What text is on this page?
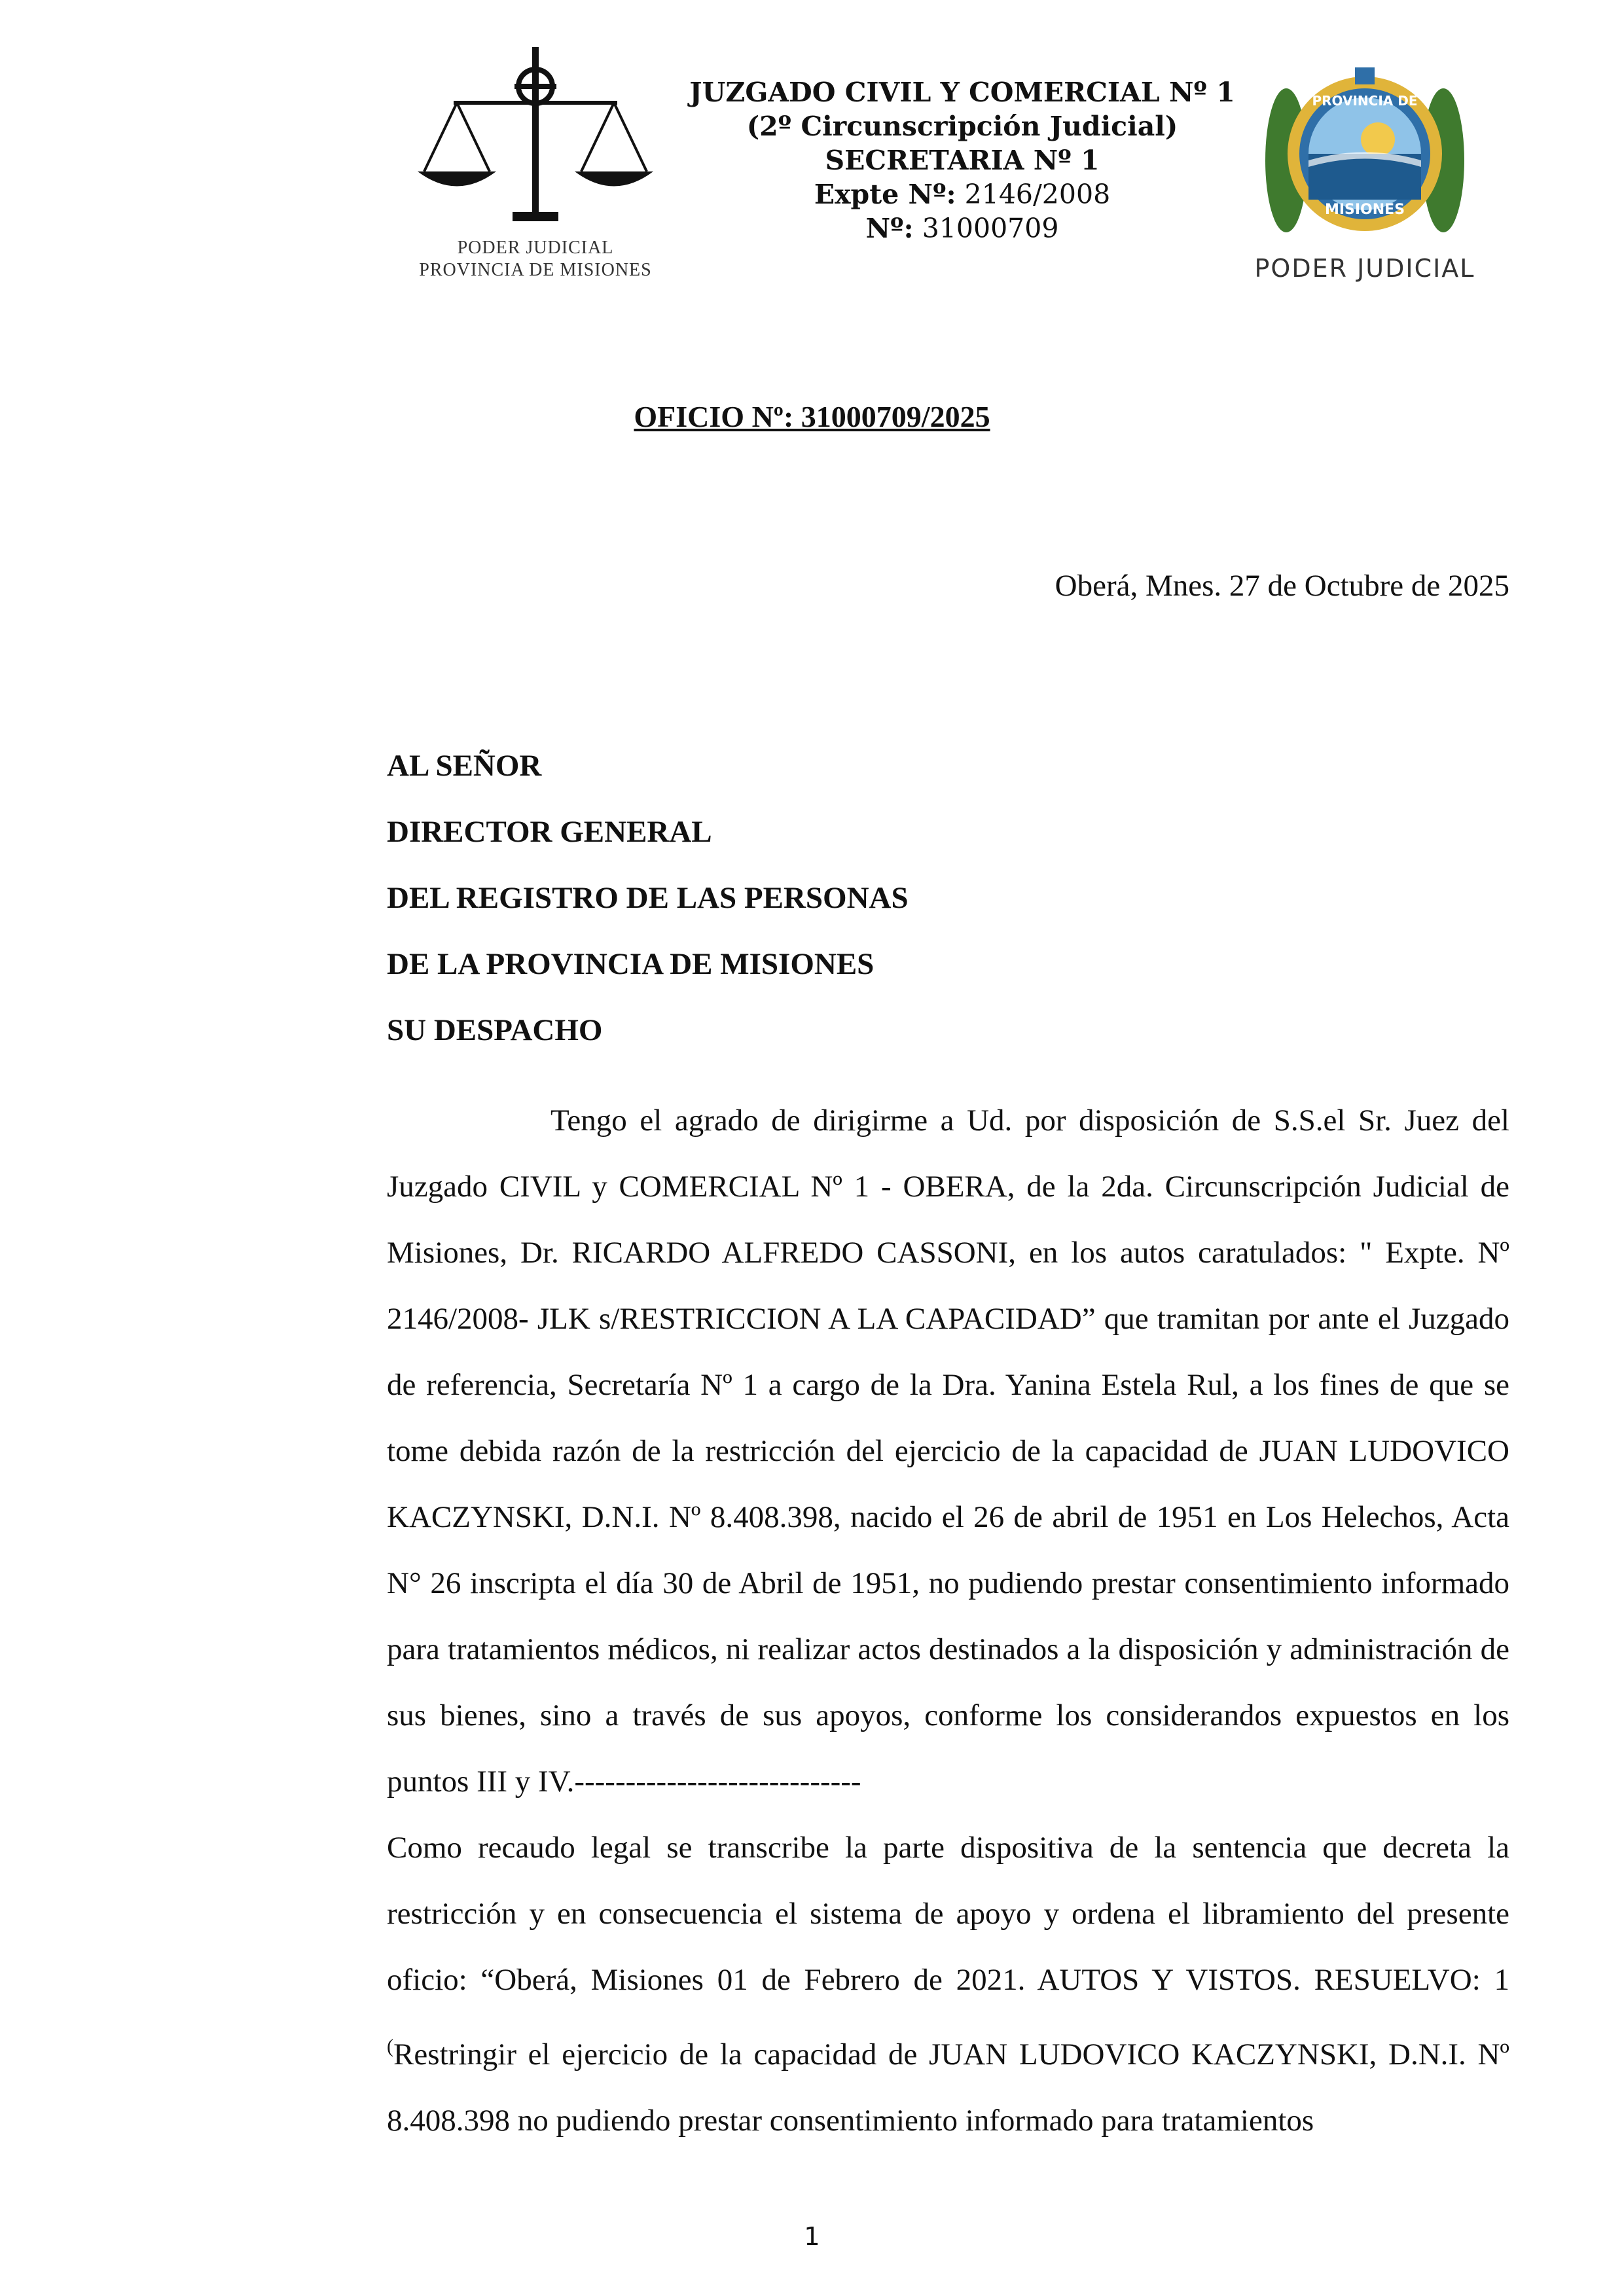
PODER JUDICIAL
PROVINCIA DE MISIONES
JUZGADO CIVIL Y COMERCIAL Nº 1
(2º Circunscripción Judicial)
SECRETARIA Nº 1
Expte Nº: 2146/2008
Nº: 31000709
PROVINCIA DE
MISIONES
PODER JUDICIAL
OFICIO Nº: 31000709/2025
Oberá, Mnes. 27 de Octubre de 2025
AL SEÑOR
DIRECTOR GENERAL
DEL REGISTRO DE LAS PERSONAS
DE LA PROVINCIA DE MISIONES
SU DESPACHO

Tengo el agrado de dirigirme a Ud. por disposición de S.S.el Sr. Juez del Juzgado CIVIL y COMERCIAL Nº 1 - OBERA, de la 2da. Circunscripción Judicial de Misiones, Dr. RICARDO ALFREDO CASSONI, en los autos caratulados: " Expte. Nº 2146/2008- JLK s/RESTRICCION A LA CAPACIDAD” que tramitan por ante el Juzgado de referencia, Secretaría Nº 1 a cargo de la Dra. Yanina Estela Rul, a los fines de que se tome debida razón de la restricción del ejercicio de la capacidad de JUAN LUDOVICO KACZYNSKI, D.N.I. Nº 8.408.398, nacido el 26 de abril de 1951 en Los Helechos, Acta N° 26 inscripta el día 30 de Abril de 1951, no pudiendo prestar consentimiento informado para tratamientos médicos, ni realizar actos destinados a la disposición y administración de sus bienes, sino a través de sus apoyos, conforme los considerandos expuestos en los puntos III y IV.----------------------------

Como recaudo legal se transcribe la parte dispositiva de la sentencia que decreta la restricción y en consecuencia el sistema de apoyo y ordena el libramiento del presente oficio: “Oberá, Misiones 01 de Febrero de 2021. AUTOS Y VISTOS. RESUELVO: 1 (Restringir el ejercicio de la capacidad de JUAN LUDOVICO KACZYNSKI, D.N.I. Nº 8.408.398 no pudiendo prestar consentimiento informado para tratamientos

1
